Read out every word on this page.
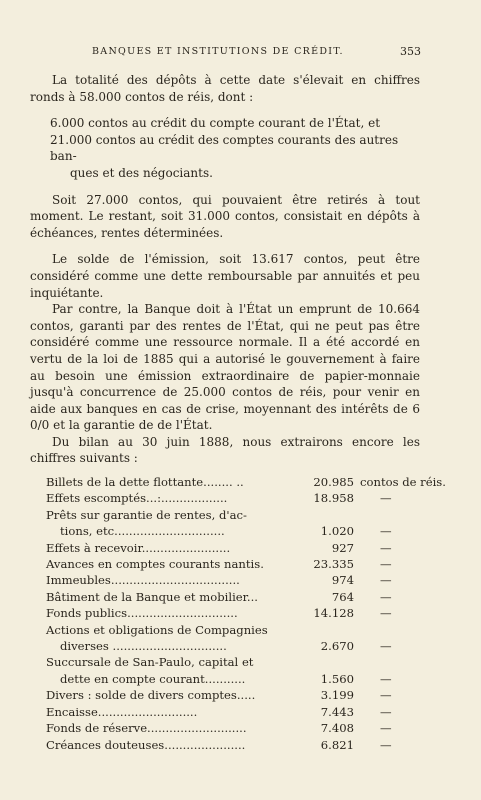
BANQUES ET INSTITUTIONS DE CRÉDIT.	353

La totalité des dépôts à cette date s'élevait en chiffres ronds à 58.000 contos de réis, dont :

6.000 contos au crédit du compte courant de l'État, et
21.000 contos au crédit des comptes courants des autres ban-
ques et des négociants.

Soit 27.000 contos, qui pouvaient être retirés à tout moment. Le restant, soit 31.000 contos, consistait en dépôts à échéances, rentes déterminées.

Le solde de l'émission, soit 13.617 contos, peut être considéré comme une dette remboursable par annuités et peu inquiétante.

Par contre, la Banque doit à l'État un emprunt de 10.664 contos, garanti par des rentes de l'État, qui ne peut pas être considéré comme une ressource normale. Il a été accordé en vertu de la loi de 1885 qui a autorisé le gouvernement à faire au besoin une émission extraordinaire de papier-monnaie jusqu'à concurrence de 25.000 contos de réis, pour venir en aide aux banques en cas de crise, moyennant des intérêts de 6 0/0 et la garantie de de l'État.

Du bilan au 30 juin 1888, nous extrairons encore les chiffres suivants :

Billets de la dette flottante........ ..	20.985 contos de réis.
Effets escomptés...:..................	18.958	—
Prêts sur garantie de rentes, d'ac-
tions, etc..............................	1.020	—
Effets à recevoir........................	927	—
Avances en comptes courants nantis.	23.335	—
Immeubles...................................	974	—
Bâtiment de la Banque et mobilier...	764	—
Fonds publics..............................	14.128	—
Actions et obligations de Compagnies
diverses ...............................	2.670	—
Succursale de San-Paulo, capital et
dette en compte courant...........	1.560	—
Divers : solde de divers comptes.....	3.199	—
Encaisse...........................	7.443	—
Fonds de réserve...........................	7.408	—
Créances douteuses......................	6.821	—
